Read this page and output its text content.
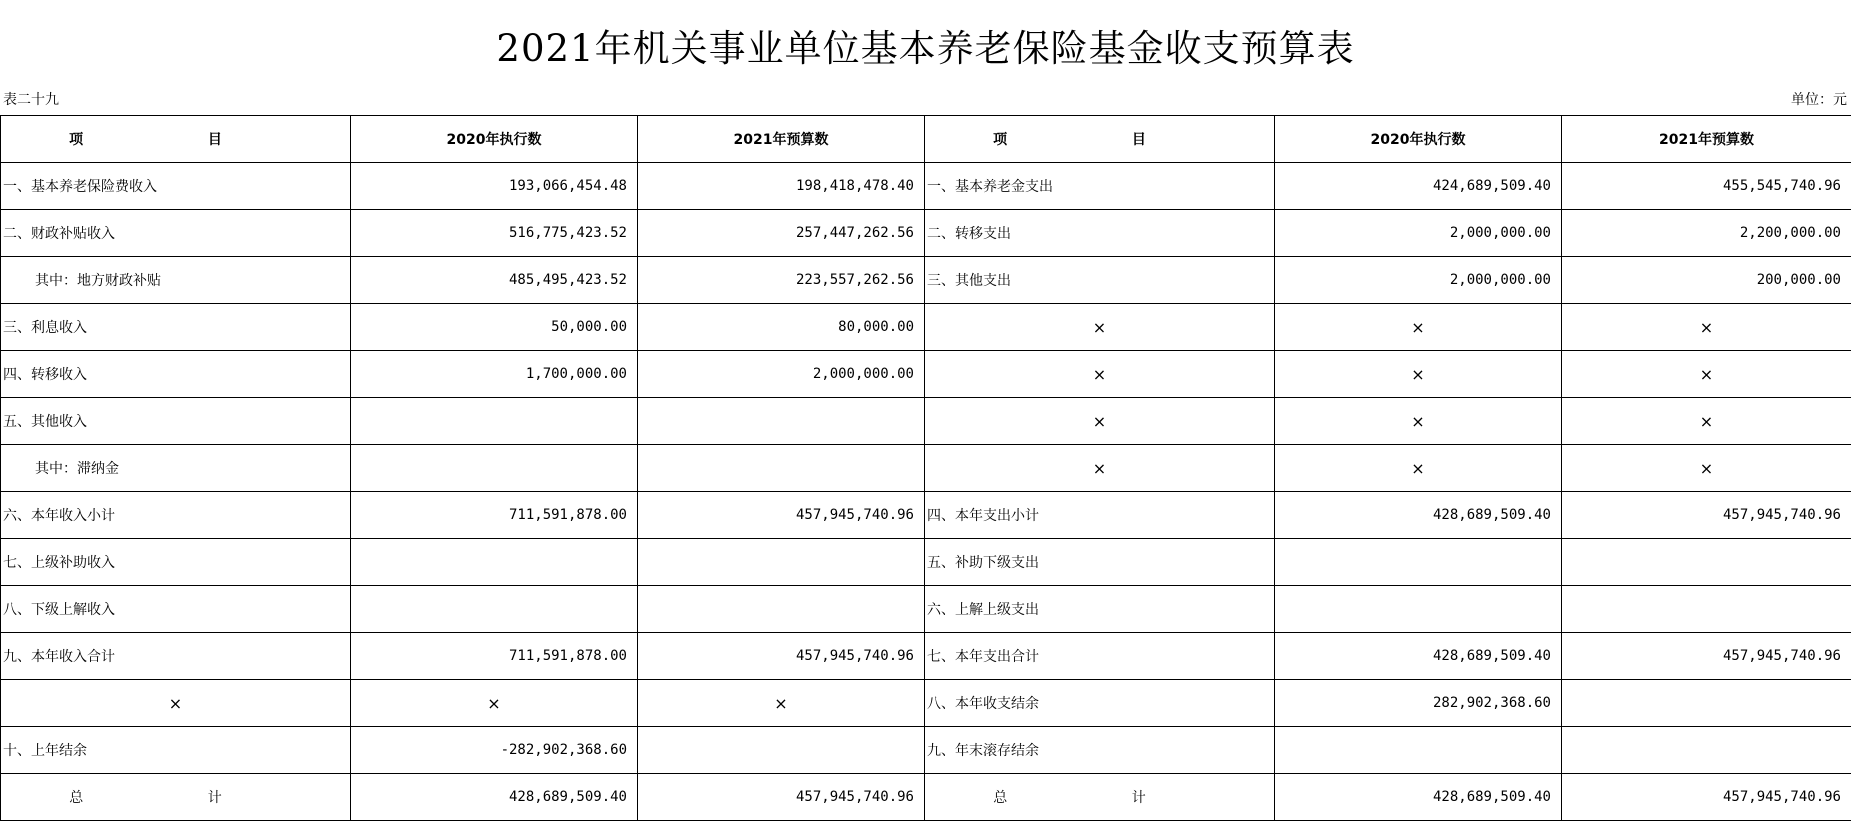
2021年机关事业单位基本养老保险基金收支预算表
表二十九	单位：元
项 目	2020年执行数	2021年预算数	项 目	2020年执行数	2021年预算数
一、基本养老保险费收入	193,066,454.48	198,418,478.40	一、基本养老金支出	424,689,509.40	455,545,740.96
二、财政补贴收入	516,775,423.52	257,447,262.56	二、转移支出	2,000,000.00	2,200,000.00
其中：地方财政补贴	485,495,423.52	223,557,262.56	三、其他支出	2,000,000.00	200,000.00
三、利息收入	50,000.00	80,000.00	×	×	×
四、转移收入	1,700,000.00	2,000,000.00	×	×	×
五、其他收入			×	×	×
其中：滞纳金			×	×	×
六、本年收入小计	711,591,878.00	457,945,740.96	四、本年支出小计	428,689,509.40	457,945,740.96
七、上级补助收入			五、补助下级支出		
八、下级上解收入			六、上解上级支出		
九、本年收入合计	711,591,878.00	457,945,740.96	七、本年支出合计	428,689,509.40	457,945,740.96
×	×	×	八、本年收支结余	282,902,368.60	
十、上年结余	-282,902,368.60		九、年末滚存结余		
总 计	428,689,509.40	457,945,740.96	总 计	428,689,509.40	457,945,740.96
